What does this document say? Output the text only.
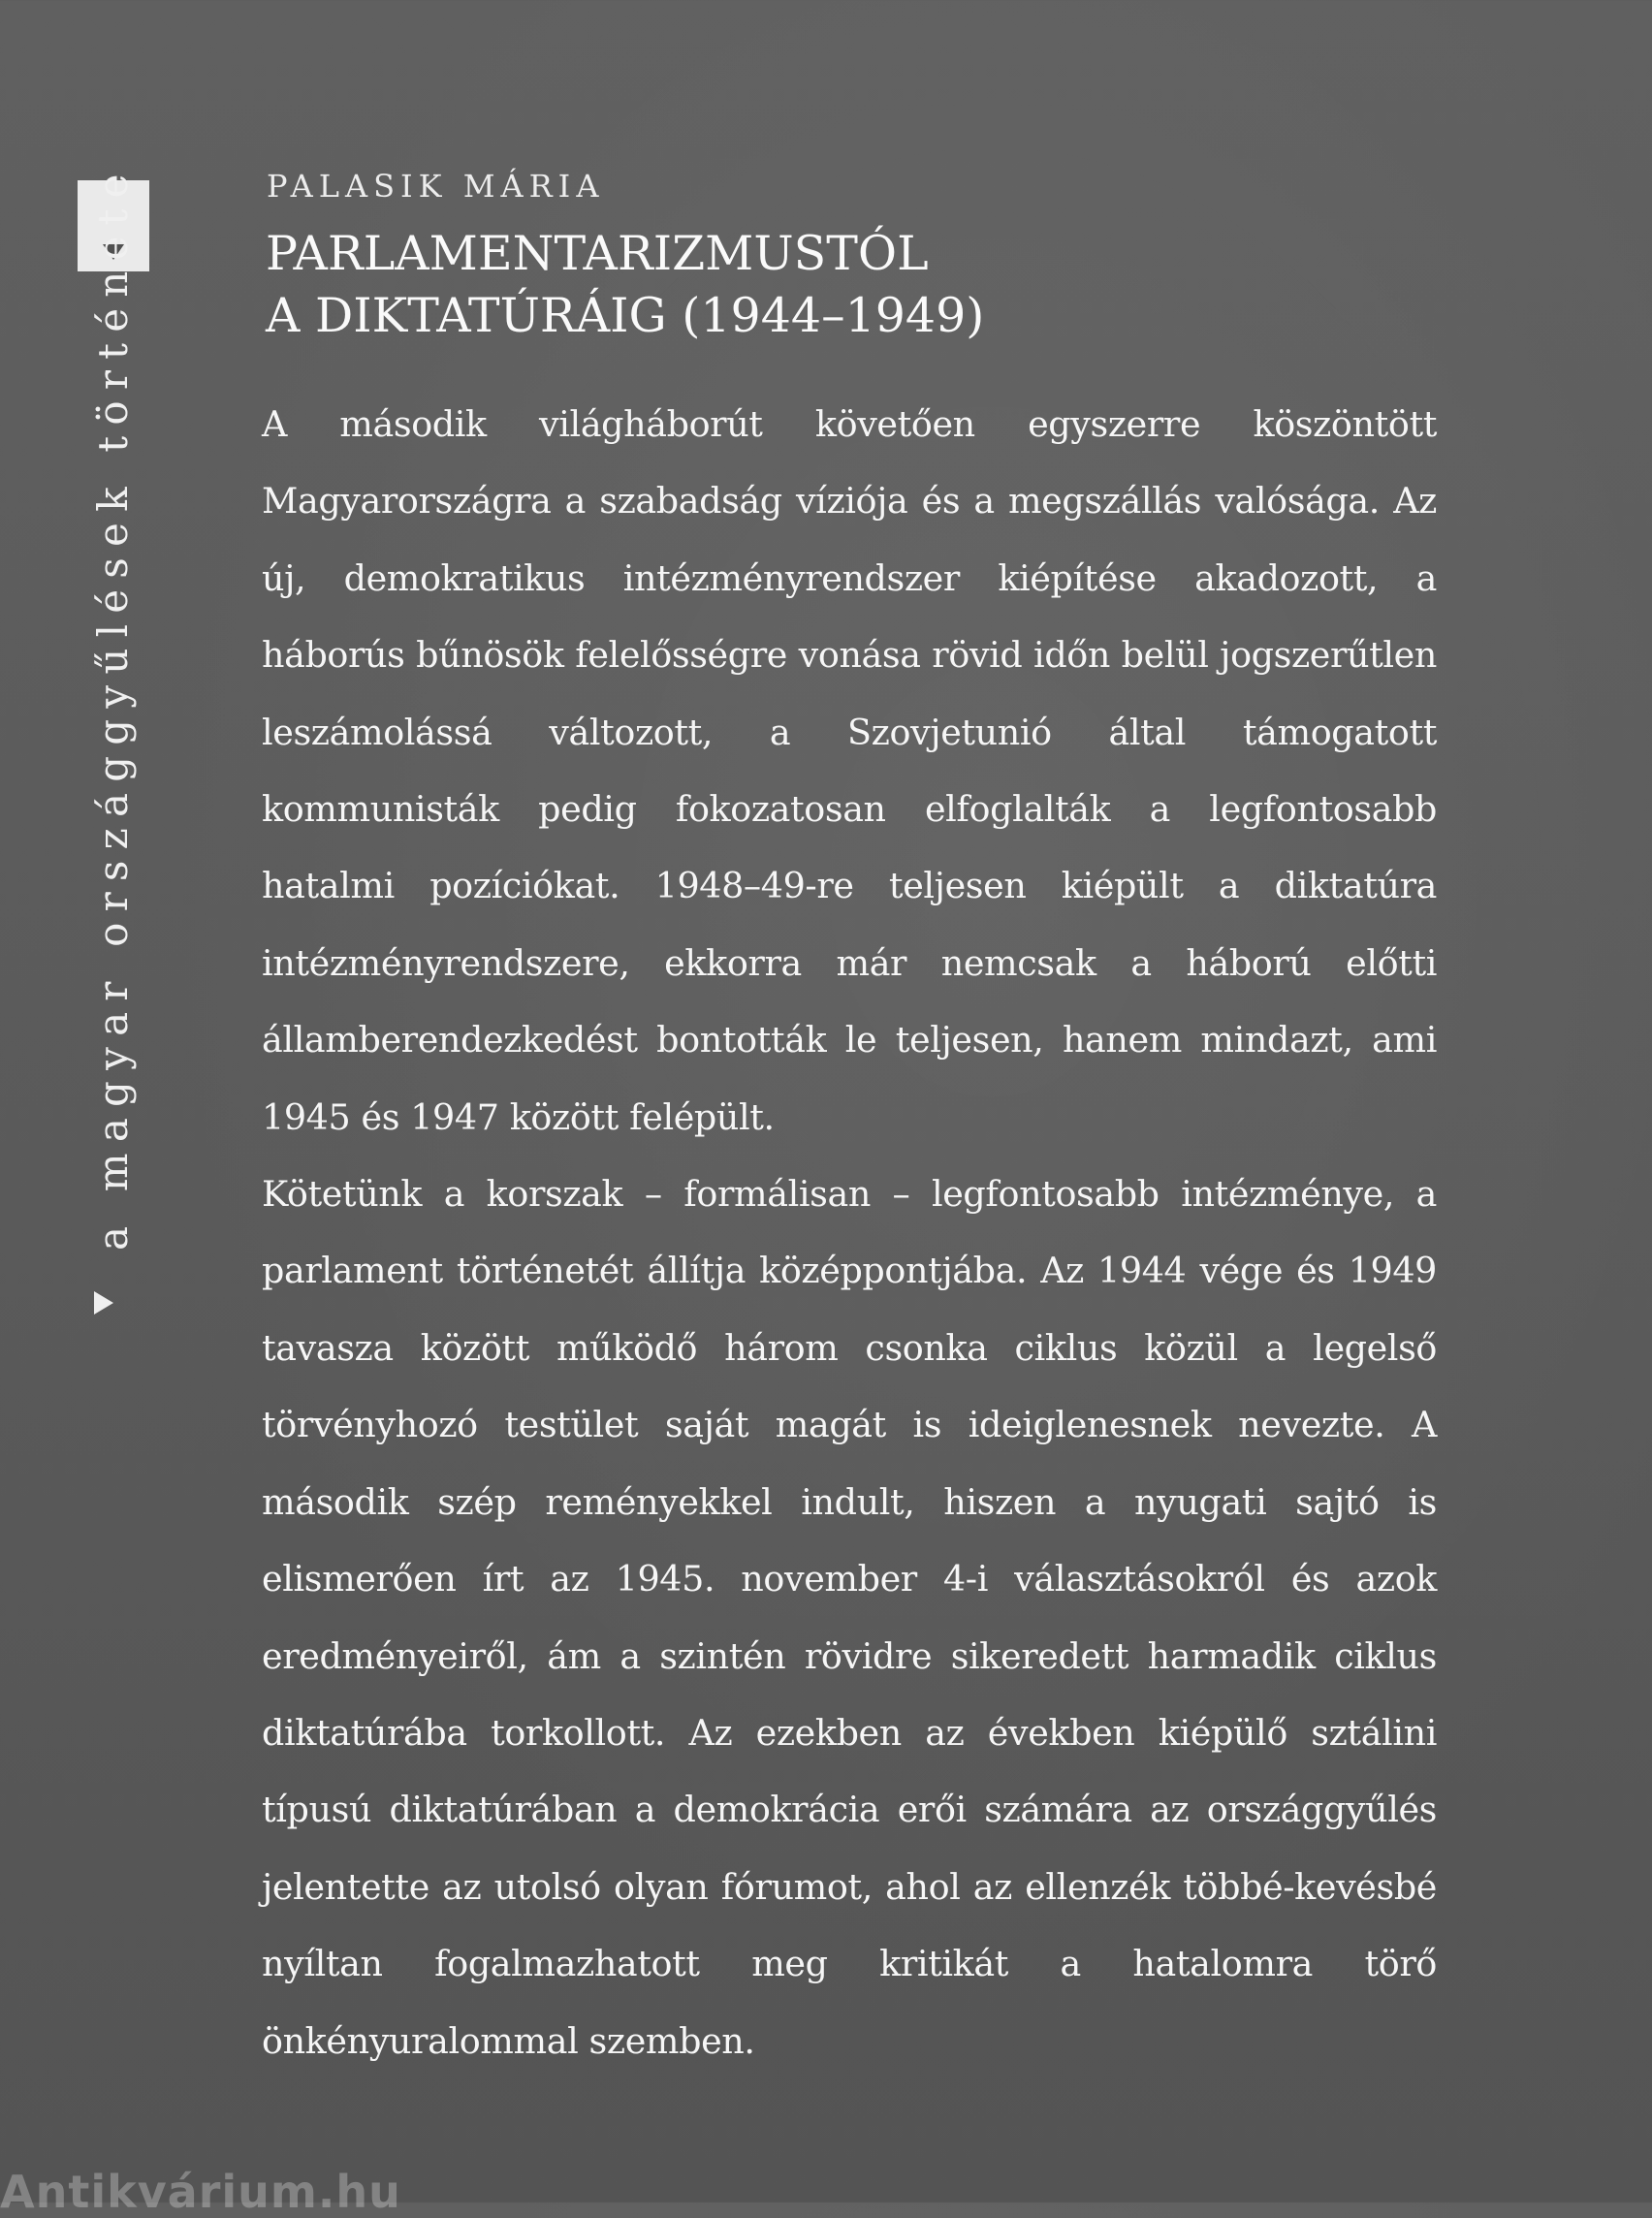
a magyar országgyűlések története	PALASIK MÁRIA
PARLAMENTARIZMUSTÓL
A DIKTATÚRÁIG (1944–1949)

A második világháborút követően egyszerre köszöntött Magyarországra a szabadság víziója és a megszállás valósága. Az új, demokratikus intézményrendszer kiépítése akadozott, a háborús bűnösök felelősségre vonása rövid időn belül jogszerűtlen leszámolássá változott, a Szovjetunió által támogatott kommunisták pedig fokozatosan elfoglalták a legfontosabb hatalmi pozíciókat. 1948–49-re teljesen kiépült a diktatúra intézményrendszere, ekkorra már nemcsak a háború előtti államberendezkedést bontották le teljesen, hanem mindazt, ami 1945 és 1947 között felépült.

Kötetünk a korszak – formálisan – legfontosabb intézménye, a parlament történetét állítja középpontjába. Az 1944 vége és 1949 tavasza között működő három csonka ciklus közül a legelső törvényhozó testület saját magát is ideiglenesnek nevezte. A második szép reményekkel indult, hiszen a nyugati sajtó is elismerően írt az 1945. november 4-i választásokról és azok eredményeiről, ám a szintén rövidre sikeredett harmadik ciklus diktatúrába torkollott. Az ezekben az években kiépülő sztálini típusú diktatúrában a demokrácia erői számára az országgyűlés jelentette az utolsó olyan fórumot, ahol az ellenzék többé-kevésbé nyíltan fogalmazhatott meg kritikát a hatalomra törő önkényuralommal szemben.

Antikvárium.hu
